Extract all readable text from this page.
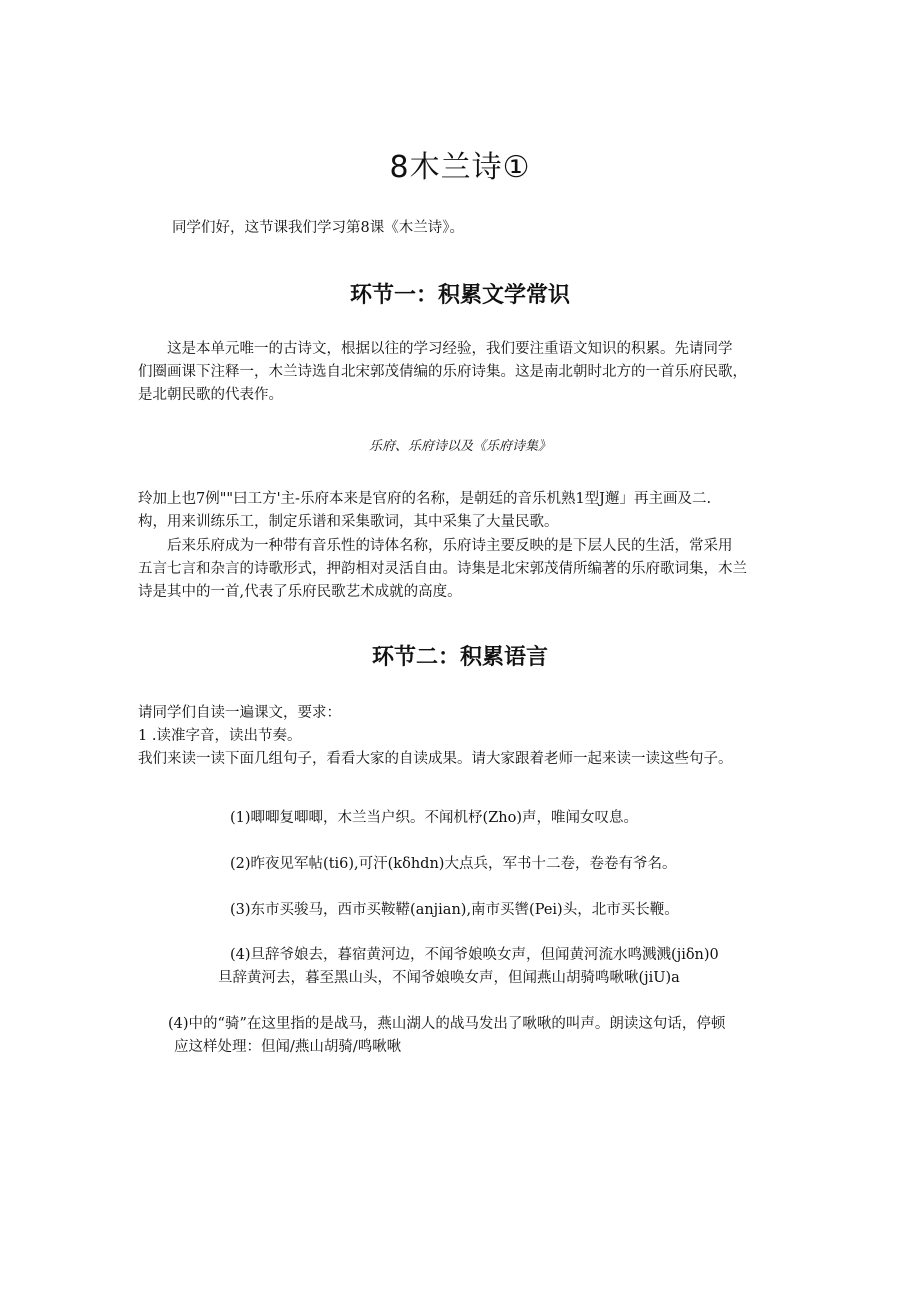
8木兰诗①

同学们好，这节课我们学习第8课《木兰诗》。

环节一：积累文学常识
这是本单元唯一的古诗文，根据以往的学习经验，我们要注重语文知识的积累。先请同学
们圈画课下注释一，木兰诗选自北宋郭茂倩编的乐府诗集。这是南北朝时北方的一首乐府民歌，
是北朝民歌的代表作。
乐府、乐府诗以及《乐府诗集》
玲加上也7例""曰工方'主-乐府本来是官府的名称，是朝廷的音乐机熟1型J邂」再主画及二.
构，用来训练乐工，制定乐谱和采集歌词，其中采集了大量民歌。
后来乐府成为一种带有音乐性的诗体名称，乐府诗主要反映的是下层人民的生活，常采用
五言七言和杂言的诗歌形式，押韵相对灵活自由。诗集是北宋郭茂倩所编著的乐府歌词集，木兰
诗是其中的一首,代表了乐府民歌艺术成就的高度。
环节二：积累语言
请同学们自读一遍课文，要求：
1 .读准字音，读出节奏。
我们来读一读下面几组句子，看看大家的自读成果。请大家跟着老师一起来读一读这些句子。
(1)唧唧复唧唧，木兰当户织。不闻机杼(Zho)声，唯闻女叹息。
(2)昨夜见军帖(ti6),可汗(kδhdn)大点兵，军书十二卷，卷卷有爷名。
(3)东市买骏马，西市买鞍鞯(anjian),南市买辔(Pei)头，北市买长鞭。
(4)旦辞爷娘去，暮宿黄河边，不闻爷娘唤女声，但闻黄河流水鸣溅溅(jiδn)0
旦辞黄河去，暮至黑山头，不闻爷娘唤女声，但闻燕山胡骑鸣啾啾(jiU)a
(4)中的“骑”在这里指的是战马，燕山湖人的战马发出了啾啾的叫声。朗读这句话，停顿
应这样处理：但闻/燕山胡骑/鸣啾啾
